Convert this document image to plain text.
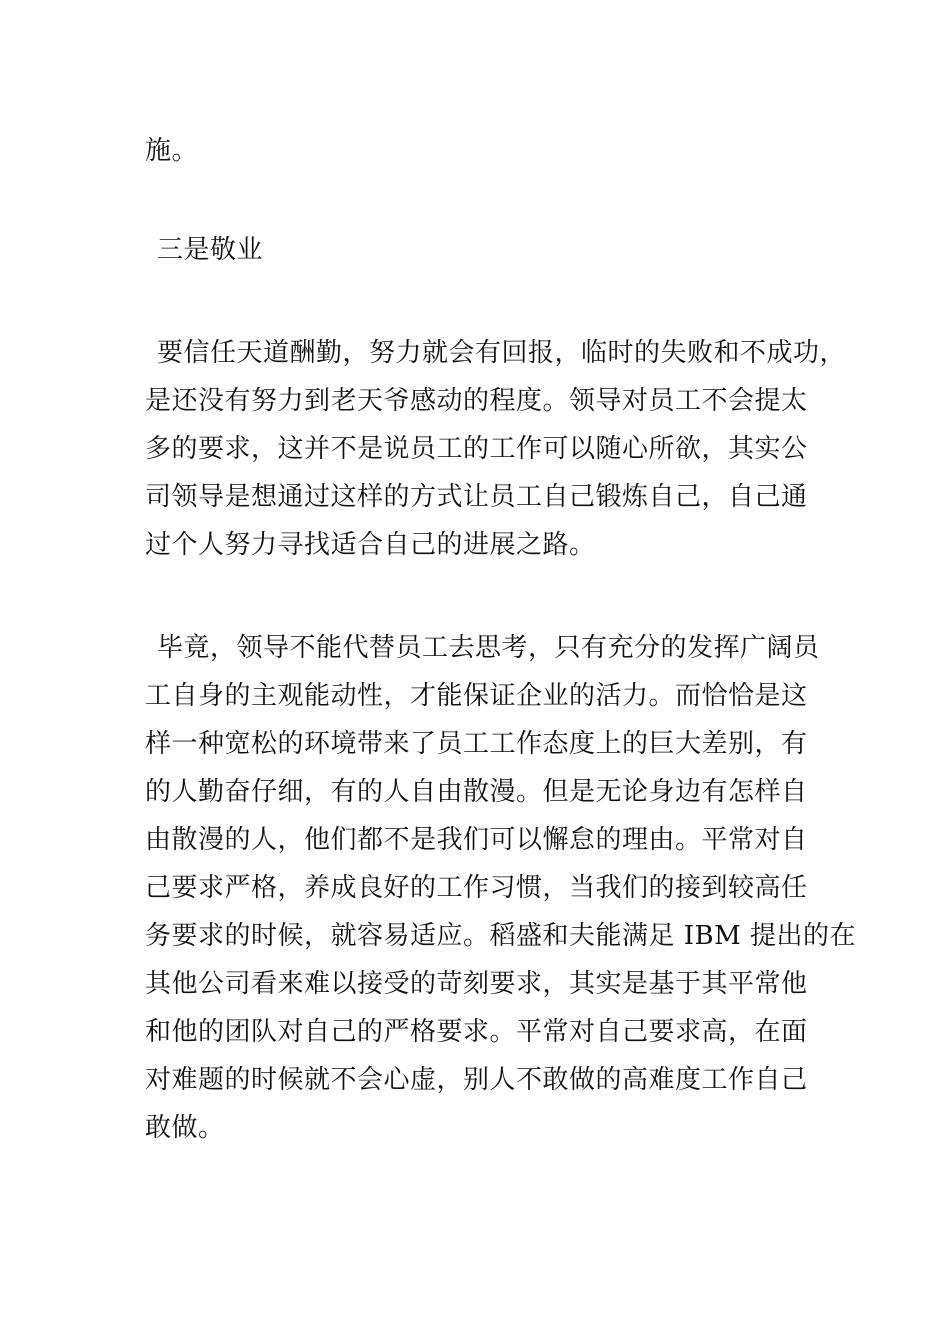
施。
三是敬业
要信任天道酬勤，努力就会有回报，临时的失败和不成功，
是还没有努力到老天爷感动的程度。领导对员工不会提太
多的要求，这并不是说员工的工作可以随心所欲，其实公
司领导是想通过这样的方式让员工自己锻炼自己，自己通
过个人努力寻找适合自己的进展之路。
毕竟，领导不能代替员工去思考，只有充分的发挥广阔员
工自身的主观能动性，才能保证企业的活力。而恰恰是这
样一种宽松的环境带来了员工工作态度上的巨大差别，有
的人勤奋仔细，有的人自由散漫。但是无论身边有怎样自
由散漫的人，他们都不是我们可以懈怠的理由。平常对自
己要求严格，养成良好的工作习惯，当我们的接到较高任
务要求的时候，就容易适应。稻盛和夫能满足 IBM 提出的在
其他公司看来难以接受的苛刻要求，其实是基于其平常他
和他的团队对自己的严格要求。平常对自己要求高，在面
对难题的时候就不会心虚，别人不敢做的高难度工作自己
敢做。
